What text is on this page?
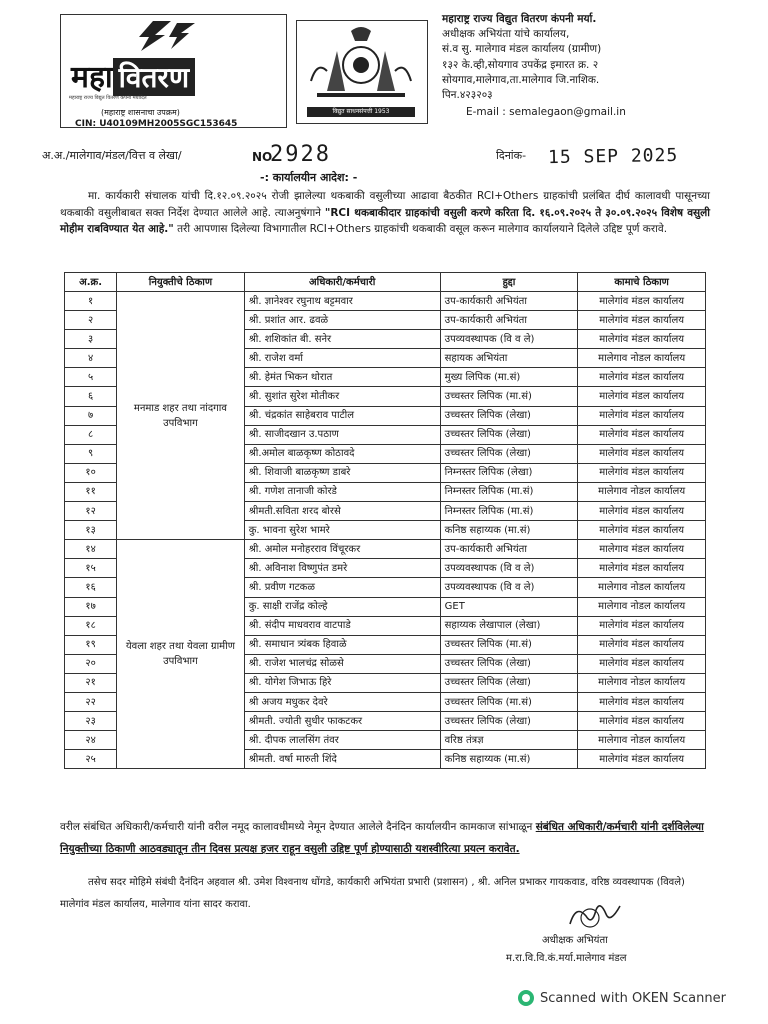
महा वितरण
महाराष्ट्र राज्य विद्युत वितरण कंपनी मर्यादित
(महाराष्ट्र शासनाचा उपक्रम)
CIN: U40109MH2005SGC153645
विद्युत साधनसंपत्ती 1953
महाराष्ट्र राज्य विद्युत वितरण कंपनी मर्या.
अधीक्षक अभियंता यांचे कार्यालय,
सं.व सु. मालेगाव मंडल कार्यालय (ग्रामीण)
१३२ के.व्ही,सोयगाव उपकेंद्र इमारत क्र. २
सोयगाव,मालेगाव,ता.मालेगाव जि.नाशिक.
पिन.४२३२०३
E-mail : semalegaon@gmail.in
अ.अ./मालेगाव/मंडल/वित्त व लेखा/	NO
2928	दिनांक- 15 SEP 2025
-: कार्यालयीन आदेश: -
मा. कार्यकारी संचालक यांची दि.१२.०९.२०२५ रोजी झालेल्या थकबाकी वसुलीच्या आढावा बैठकीत RCI+Others ग्राहकांची प्रलंबित दीर्घ कालावधी पासूनच्या थकबाकी वसुलीबाबत सक्त निर्देश देण्यात आलेले आहे. त्याअनुषंगाने "RCI थकबाकीदार ग्राहकांची वसुली करणे करिता दि. १६.०९.२०२५ ते ३०.०९.२०२५ विशेष वसुली मोहीम राबविण्यात येत आहे." तरी आपणास दिलेल्या विभागातील RCI+Others ग्राहकांची थकबाकी वसूल करून मालेगाव कार्यालयाने दिलेले उद्दिष्ट पूर्ण करावे.
अ.क्र.	नियुक्तीचे ठिकाण	अधिकारी/कर्मचारी	हुद्दा	कामाचे ठिकाण
१	मनमाड शहर तथा नांदगाव उपविभाग	श्री. ज्ञानेश्वर रघुनाथ बट्टमवार	उप-कार्यकारी अभियंता	मालेगांव मंडल कार्यालय
२		श्री. प्रशांत आर. ढवळे	उप-कार्यकारी अभियंता	मालेगांव मंडल कार्यालय
३		श्री. शशिकांत बी. सनेर	उपव्यवस्थापक (वि व ले)	मालेगांव मंडल कार्यालय
४		श्री. राजेश वर्मा	सहायक अभियंता	मालेगाव नोडल कार्यालय
५		श्री. हेमंत भिकन थोरात	मुख्य लिपिक (मा.सं)	मालेगांव मंडल कार्यालय
६		श्री. सुशांत सुरेश मोतीकर	उच्चस्तर लिपिक (मा.सं)	मालेगांव मंडल कार्यालय
७		श्री. चंद्रकांत साहेबराव पाटील	उच्चस्तर लिपिक (लेखा)	मालेगांव मंडल कार्यालय
८		श्री. साजीदखान उ.पठाण	उच्चस्तर लिपिक (लेखा)	मालेगांव मंडल कार्यालय
९		श्री.अमोल बाळकृष्ण कोठावदे	उच्चस्तर लिपिक (लेखा)	मालेगांव मंडल कार्यालय
१०		श्री. शिवाजी बाळकृष्ण डाबरे	निम्नस्तर लिपिक (लेखा)	मालेगांव मंडल कार्यालय
११		श्री. गणेश तानाजी कोरडे	निम्नस्तर लिपिक (मा.सं)	मालेगाव नोडल कार्यालय
१२		श्रीमती.सविता शरद बोरसे	निम्नस्तर लिपिक (मा.सं)	मालेगांव मंडल कार्यालय
१३		कु. भावना सुरेश भामरे	कनिष्ठ सहाय्यक (मा.सं)	मालेगांव मंडल कार्यालय
१४	येवला शहर तथा येवला ग्रामीण उपविभाग	श्री. अमोल मनोहरराव विंचूरकर	उप-कार्यकारी अभियंता	मालेगाव मंडल कार्यालय
१५		श्री. अविनाश विष्णुपंत डमरे	उपव्यवस्थापक (वि व ले)	मालेगांव मंडल कार्यालय
१६		श्री. प्रवीण गटकळ	उपव्यवस्थापक (वि व ले)	मालेगाव नोडल कार्यालय
१७		कु. साक्षी राजेंद्र कोल्हे	GET	मालेगाव नोडल कार्यालय
१८		श्री. संदीप माधवराव वाटपाडे	सहाय्यक लेखापाल (लेखा)	मालेगांव मंडल कार्यालय
१९		श्री. समाधान त्र्यंबक हिवाळे	उच्चस्तर लिपिक (मा.सं)	मालेगांव मंडल कार्यालय
२०		श्री. राजेश भालचंद्र सोळसे	उच्चस्तर लिपिक (लेखा)	मालेगांव मंडल कार्यालय
२१		श्री. योगेश जिभाऊ हिरे	उच्चस्तर लिपिक (लेखा)	मालेगाव नोडल कार्यालय
२२		श्री अजय मधुकर देवरे	उच्चस्तर लिपिक (मा.सं)	मालेगांव मंडल कार्यालय
२३		श्रीमती. ज्योती सुधीर फाकटकर	उच्चस्तर लिपिक (लेखा)	मालेगांव मंडल कार्यालय
२४		श्री. दीपक लालसिंग तंवर	वरिष्ठ तंत्रज्ञ	मालेगाव नोडल कार्यालय
२५		श्रीमती. वर्षा मारुती शिंदे	कनिष्ठ सहाय्यक (मा.सं)	मालेगांव मंडल कार्यालय
वरील संबंधित अधिकारी/कर्मचारी यांनी वरील नमूद कालावधीमध्ये नेमून देण्यात आलेले दैनंदिन कार्यालयीन कामकाज सांभाळून संबंधित अधिकारी/कर्मचारी यांनी दर्शविलेल्या नियुक्तीच्या ठिकाणी आठवड्यातून तीन दिवस प्रत्यक्ष हजर राहून वसुली उद्दिष्ट पूर्ण होण्यासाठी यशस्वीरित्या प्रयत्न करावेत.
तसेच सदर मोहिमे संबंधी दैनंदिन अहवाल श्री. उमेश विश्वनाथ धोंगडे, कार्यकारी अभियंता प्रभारी (प्रशासन) , श्री. अनिल प्रभाकर गायकवाड, वरिष्ठ व्यवस्थापक (विवले) मालेगांव मंडल कार्यालय, मालेगाव यांना सादर करावा.
अधीक्षक अभियंता
म.रा.वि.वि.कं.मर्या.मालेगाव मंडल
Scanned with OKEN Scanner
